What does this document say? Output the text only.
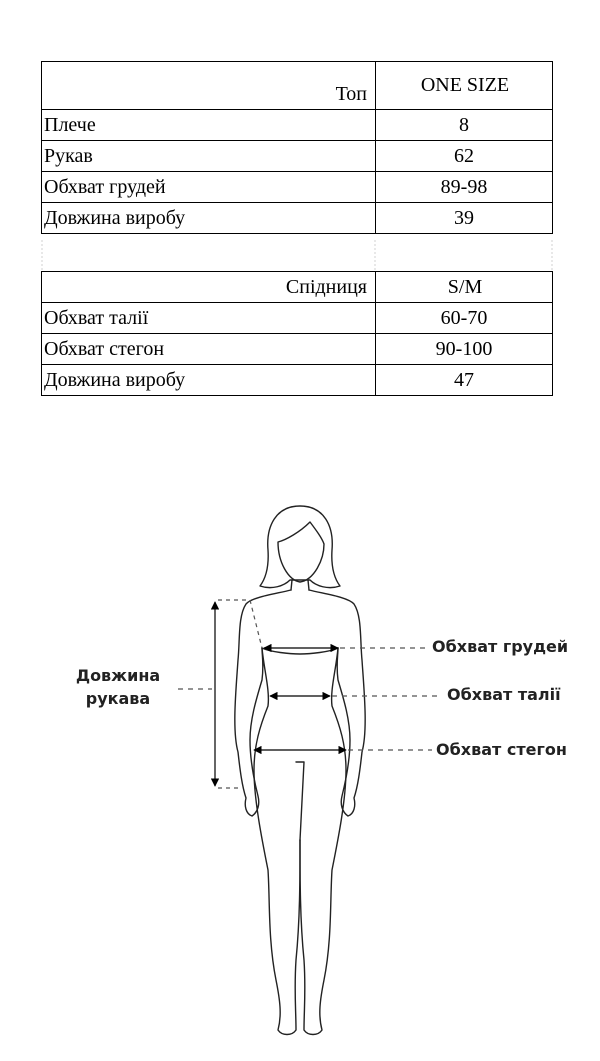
Топ	ONE SIZE
Плече	8
Рукав	62
Обхват грудей	89-98
Довжина виробу	39
Спідниця	S/M
Обхват талії	60-70
Обхват стегон	90-100
Довжина виробу	47
Довжина рукава
Обхват грудей
Обхват талії
Обхват стегон
